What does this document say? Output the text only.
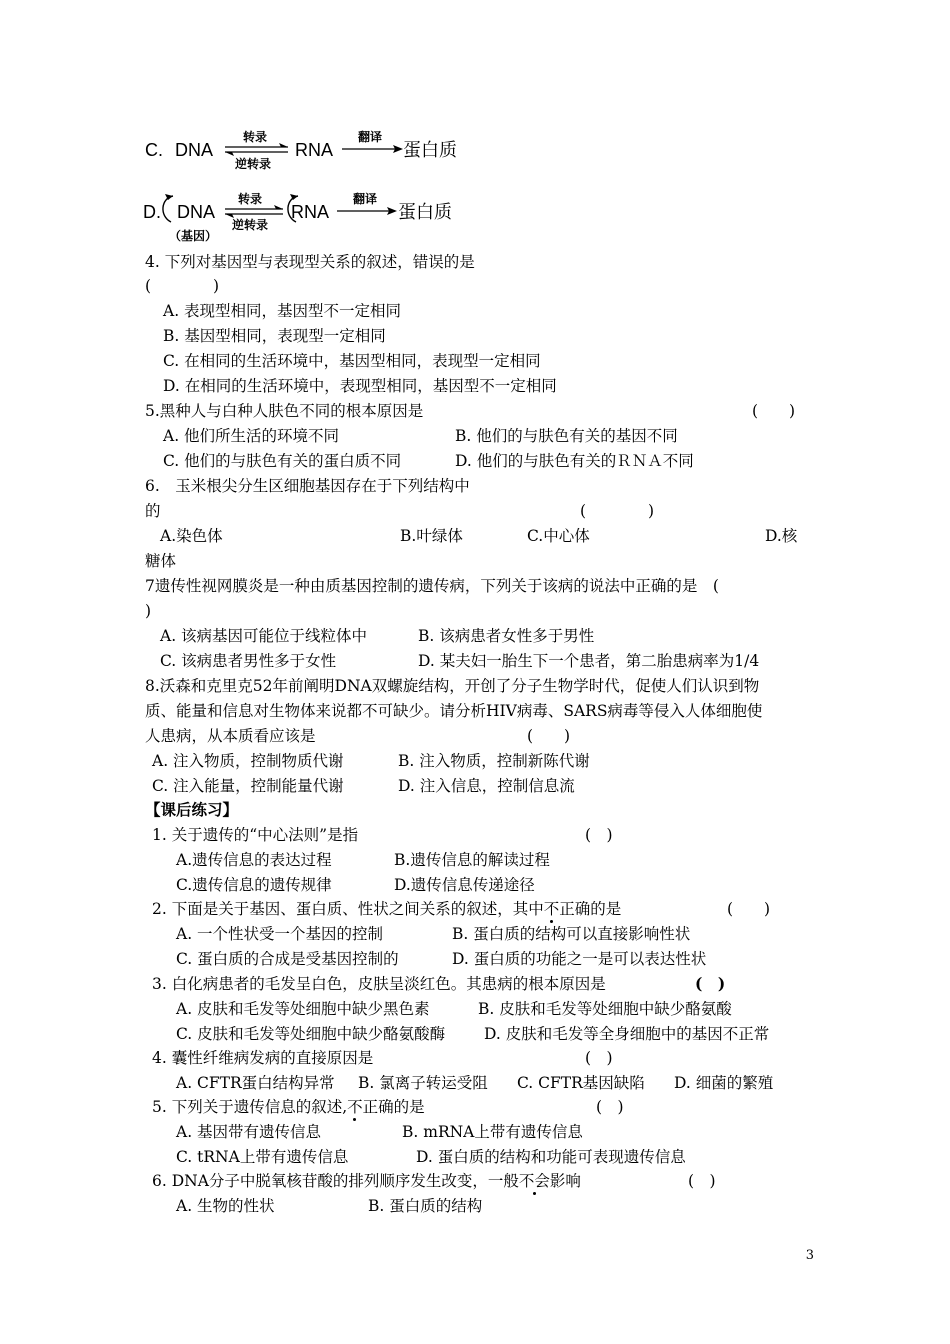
C. DNA
转录
逆转录
RNA
翻译
蛋白质
D. DNA
（基因）
转录
逆转录
RNA
翻译
蛋白质
4. 下列对基因型与表现型关系的叙述，错误的是
(　　　　)
A. 表现型相同，基因型不一定相同
B. 基因型相同，表现型一定相同
C. 在相同的生活环境中，基因型相同，表现型一定相同
D. 在相同的生活环境中，表现型相同，基因型不一定相同
5.黑种人与白种人肤色不同的根本原因是	(　　)
A. 他们所生活的环境不同	B. 他们的与肤色有关的基因不同
C. 他们的与肤色有关的蛋白质不同	D. 他们的与肤色有关的ＲＮＡ不同
6.　玉米根尖分生区细胞基因存在于下列结构中
的	(　　　　)
A.染色体	B.叶绿体	C.中心体	D.核
糖体
7遗传性视网膜炎是一种由质基因控制的遗传病，下列关于该病的说法中正确的是　(
)
A. 该病基因可能位于线粒体中	B. 该病患者女性多于男性
C. 该病患者男性多于女性	D. 某夫妇一胎生下一个患者，第二胎患病率为1/4
8.沃森和克里克52年前阐明DNA双螺旋结构，开创了分子生物学时代，促使人们认识到物
质、能量和信息对生物体来说都不可缺少。请分析HIV病毒、SARS病毒等侵入人体细胞使
人患病，从本质看应该是	(　　)
A. 注入物质，控制物质代谢	B. 注入物质，控制新陈代谢
C. 注入能量，控制能量代谢	D. 注入信息，控制信息流
【课后练习】
1. 关于遗传的“中心法则”是指	(　)
A.遗传信息的表达过程	B.遗传信息的解读过程
C.遗传信息的遗传规律	D.遗传信息传递途径
2. 下面是关于基因、蛋白质、性状之间关系的叙述，其中不正确的是	(　　)
A. 一个性状受一个基因的控制	B. 蛋白质的结构可以直接影响性状
C. 蛋白质的合成是受基因控制的	D. 蛋白质的功能之一是可以表达性状
3. 白化病患者的毛发呈白色，皮肤呈淡红色。其患病的根本原因是	(　)
A. 皮肤和毛发等处细胞中缺少黑色素	B. 皮肤和毛发等处细胞中缺少酪氨酸
C. 皮肤和毛发等处细胞中缺少酪氨酸酶	D. 皮肤和毛发等全身细胞中的基因不正常
4. 囊性纤维病发病的直接原因是	(　)
A. CFTR蛋白结构异常 B. 氯离子转运受阻 C. CFTR基因缺陷 D. 细菌的繁殖
5. 下列关于遗传信息的叙述,不正确的是	(　)
A. 基因带有遗传信息	B. mRNA上带有遗传信息
C. tRNA上带有遗传信息	D. 蛋白质的结构和功能可表现遗传信息
6. DNA分子中脱氧核苷酸的排列顺序发生改变，一般不会影响	(　)
A. 生物的性状	B. 蛋白质的结构
3
